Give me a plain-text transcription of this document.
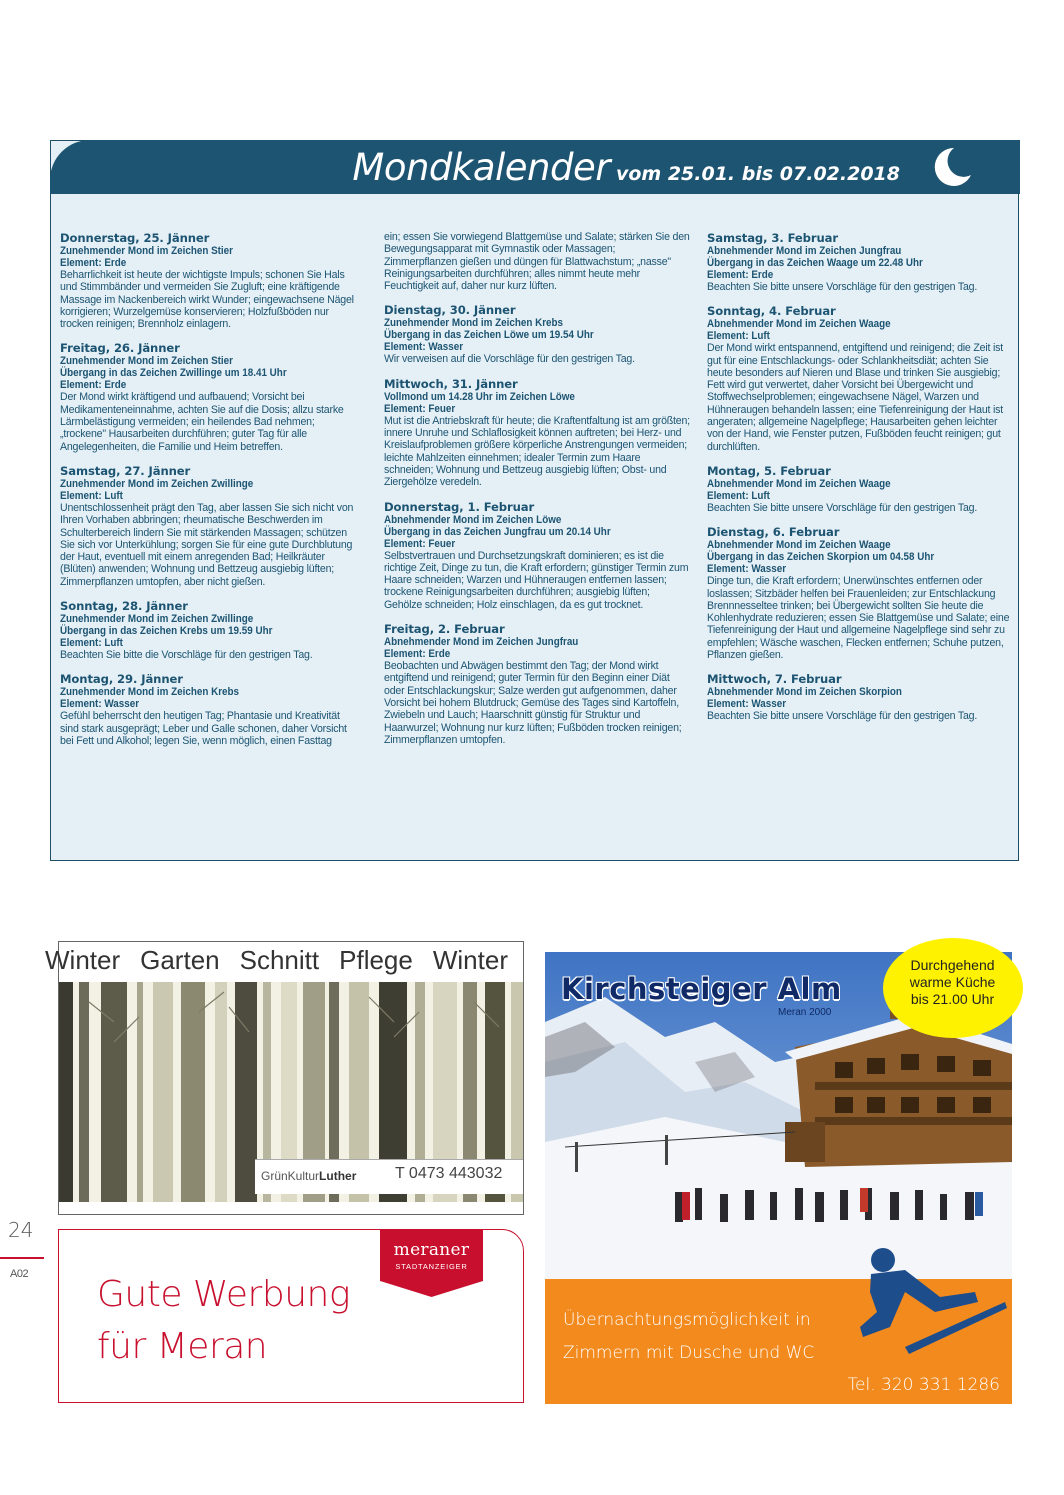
Mondkalender vom 25.01. bis 07.02.2018
Donnerstag, 25. Jänner
Zunehmender Mond im Zeichen Stier
Element: Erde
Beharrlichkeit ist heute der wichtigste Impuls; schonen Sie Hals und Stimmbänder und vermeiden Sie Zugluft; eine kräftigende Massage im Nackenbereich wirkt Wunder; eingewachsene Nägel korrigieren; Wurzelgemüse konservieren; Holzfußböden nur trocken reinigen; Brennholz einlagern.
Freitag, 26. Jänner
Zunehmender Mond im Zeichen Stier
Übergang in das Zeichen Zwillinge um 18.41 Uhr
Element: Erde
Der Mond wirkt kräftigend und aufbauend; Vorsicht bei Medikamenteneinnahme, achten Sie auf die Dosis; allzu starke Lärmbelästigung vermeiden; ein heilendes Bad nehmen; „trockene" Hausarbeiten durchführen; guter Tag für alle Angelegenheiten, die Familie und Heim betreffen.
Samstag, 27. Jänner
Zunehmender Mond im Zeichen Zwillinge
Element: Luft
Unentschlossenheit prägt den Tag, aber lassen Sie sich nicht von Ihren Vorhaben abbringen; rheumatische Beschwerden im Schulterbereich lindern Sie mit stärkenden Massagen; schützen Sie sich vor Unterkühlung; sorgen Sie für eine gute Durchblutung der Haut, eventuell mit einem anregenden Bad; Heilkräuter (Blüten) anwenden; Wohnung und Bettzeug ausgiebig lüften; Zimmerpflanzen umtopfen, aber nicht gießen.
Sonntag, 28. Jänner
Zunehmender Mond im Zeichen Zwillinge
Übergang in das Zeichen Krebs um 19.59 Uhr
Element: Luft
Beachten Sie bitte die Vorschläge für den gestrigen Tag.
Montag, 29. Jänner
Zunehmender Mond im Zeichen Krebs
Element: Wasser
Gefühl beherrscht den heutigen Tag; Phantasie und Kreativität sind stark ausgeprägt; Leber und Galle schonen, daher Vorsicht bei Fett und Alkohol; legen Sie, wenn möglich, einen Fasttag
ein; essen Sie vorwiegend Blattgemüse und Salate; stärken Sie den Bewegungsapparat mit Gymnastik oder Massagen; Zimmerpflanzen gießen und düngen für Blattwachstum; „nasse" Reinigungsarbeiten durchführen; alles nimmt heute mehr Feuchtigkeit auf, daher nur kurz lüften.
Dienstag, 30. Jänner
Zunehmender Mond im Zeichen Krebs
Übergang in das Zeichen Löwe um 19.54 Uhr
Element: Wasser
Wir verweisen auf die Vorschläge für den gestrigen Tag.
Mittwoch, 31. Jänner
Vollmond um 14.28 Uhr im Zeichen Löwe
Element: Feuer
Mut ist die Antriebskraft für heute; die Kraftentfaltung ist am größten; innere Unruhe und Schlaflosigkeit können auftreten; bei Herz- und Kreislaufproblemen größere körperliche Anstrengungen vermeiden; leichte Mahlzeiten einnehmen; idealer Termin zum Haare schneiden; Wohnung und Bettzeug ausgiebig lüften; Obst- und Ziergehölze veredeln.
Donnerstag, 1. Februar
Abnehmender Mond im Zeichen Löwe
Übergang in das Zeichen Jungfrau um 20.14 Uhr
Element: Feuer
Selbstvertrauen und Durchsetzungskraft dominieren; es ist die richtige Zeit, Dinge zu tun, die Kraft erfordern; günstiger Termin zum Haare schneiden; Warzen und Hühneraugen entfernen lassen; trockene Reinigungsarbeiten durchführen; ausgiebig lüften; Gehölze schneiden; Holz einschlagen, da es gut trocknet.
Freitag, 2. Februar
Abnehmender Mond im Zeichen Jungfrau
Element: Erde
Beobachten und Abwägen bestimmt den Tag; der Mond wirkt entgiftend und reinigend; guter Termin für den Beginn einer Diät oder Entschlackungskur; Salze werden gut aufgenommen, daher Vorsicht bei hohem Blutdruck; Gemüse des Tages sind Kartoffeln, Zwiebeln und Lauch; Haarschnitt günstig für Struktur und Haarwurzel; Wohnung nur kurz lüften; Fußböden trocken reinigen; Zimmerpflanzen umtopfen.
Samstag, 3. Februar
Abnehmender Mond im Zeichen Jungfrau
Übergang in das Zeichen Waage um 22.48 Uhr
Element: Erde
Beachten Sie bitte unsere Vorschläge für den gestrigen Tag.
Sonntag, 4. Februar
Abnehmender Mond im Zeichen Waage
Element: Luft
Der Mond wirkt entspannend, entgiftend und reinigend; die Zeit ist gut für eine Entschlackungs- oder Schlankheitsdiät; achten Sie heute besonders auf Nieren und Blase und trinken Sie ausgiebig; Fett wird gut verwertet, daher Vorsicht bei Übergewicht und Stoffwechselproblemen; eingewachsene Nägel, Warzen und Hühneraugen behandeln lassen; eine Tiefenreinigung der Haut ist angeraten; allgemeine Nagelpflege; Hausarbeiten gehen leichter von der Hand, wie Fenster putzen, Fußböden feucht reinigen; gut durchlüften.
Montag, 5. Februar
Abnehmender Mond im Zeichen Waage
Element: Luft
Beachten Sie bitte unsere Vorschläge für den gestrigen Tag.
Dienstag, 6. Februar
Abnehmender Mond im Zeichen Waage
Übergang in das Zeichen Skorpion um 04.58 Uhr
Element: Wasser
Dinge tun, die Kraft erfordern; Unerwünschtes entfernen oder loslassen; Sitzbäder helfen bei Frauenleiden; zur Entschlackung Brennnesseltee trinken; bei Übergewicht sollten Sie heute die Kohlenhydrate reduzieren; essen Sie Blattgemüse und Salate; eine Tiefenreinigung der Haut und allgemeine Nagelpflege sind sehr zu empfehlen; Wäsche waschen, Flecken entfernen; Schuhe putzen, Pflanzen gießen.
Mittwoch, 7. Februar
Abnehmender Mond im Zeichen Skorpion
Element: Wasser
Beachten Sie bitte unsere Vorschläge für den gestrigen Tag.
Winter Garten Schnitt Pflege Winter
GrünKulturLuther T 0473 443032
meraner
STADTANZEIGER
Gute Werbung
für Meran
24
A02
Kirchsteiger Alm
Meran 2000
Durchgehend
warme Küche
bis 21.00 Uhr
Übernachtungsmöglichkeit in
Zimmern mit Dusche und WC
Tel. 320 331 1286
